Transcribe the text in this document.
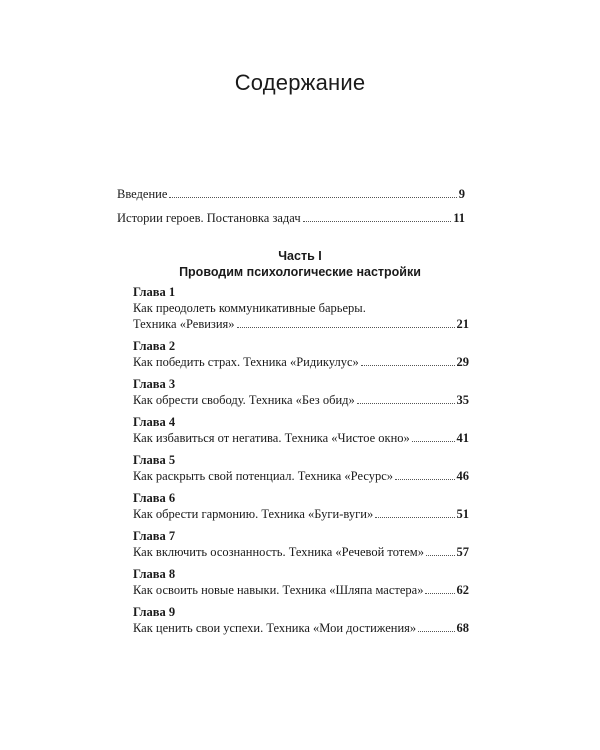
Содержание
Введение	9
Истории героев. Постановка задач	11
Часть I
Проводим психологические настройки
Глава 1
Как преодолеть коммуникативные барьеры.
Техника «Ревизия»	21
Глава 2
Как победить страх. Техника «Ридикулус»	29
Глава 3
Как обрести свободу. Техника «Без обид»	35
Глава 4
Как избавиться от негатива. Техника «Чистое окно»	41
Глава 5
Как раскрыть свой потенциал. Техника «Ресурс»	46
Глава 6
Как обрести гармонию. Техника «Буги-вуги»	51
Глава 7
Как включить осознанность. Техника «Речевой тотем»	57
Глава 8
Как освоить новые навыки. Техника «Шляпа мастера»	62
Глава 9
Как ценить свои успехи. Техника «Мои достижения»	68
